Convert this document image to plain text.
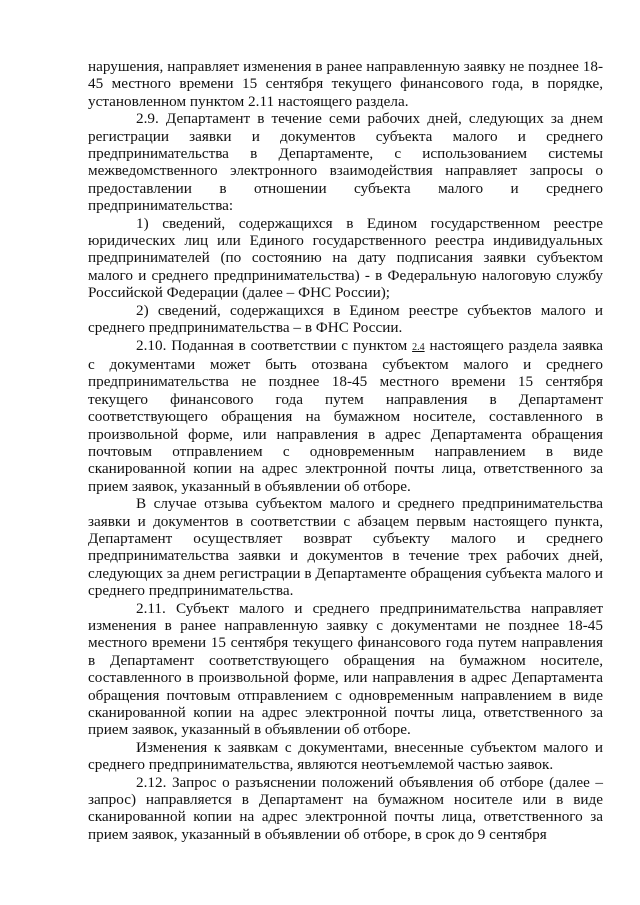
нарушения, направляет изменения в ранее направленную заявку не позднее 18-45 местного времени 15 сентября текущего финансового года, в порядке, установленном пунктом 2.11 настоящего раздела.

2.9. Департамент в течение семи рабочих дней, следующих за днем регистрации заявки и документов субъекта малого и среднего предпринимательства в Департаменте, с использованием системы межведомственного электронного взаимодействия направляет запросы о предоставлении в отношении субъекта малого и среднего предпринимательства:

1) сведений, содержащихся в Едином государственном реестре юридических лиц или Единого государственного реестра индивидуальных предпринимателей (по состоянию на дату подписания заявки субъектом малого и среднего предпринимательства) - в Федеральную налоговую службу Российской Федерации (далее – ФНС России);

2) сведений, содержащихся в Едином реестре субъектов малого и среднего предпринимательства – в ФНС России.

2.10. Поданная в соответствии с пунктом 2.4 настоящего раздела заявка с документами может быть отозвана субъектом малого и среднего предпринимательства не позднее 18-45 местного времени 15 сентября текущего финансового года путем направления в Департамент соответствующего обращения на бумажном носителе, составленного в произвольной форме, или направления в адрес Департамента обращения почтовым отправлением с одновременным направлением в виде сканированной копии на адрес электронной почты лица, ответственного за прием заявок, указанный в объявлении об отборе.

В случае отзыва субъектом малого и среднего предпринимательства заявки и документов в соответствии с абзацем первым настоящего пункта, Департамент осуществляет возврат субъекту малого и среднего предпринимательства заявки и документов в течение трех рабочих дней, следующих за днем регистрации в Департаменте обращения субъекта малого и среднего предпринимательства.

2.11. Субъект малого и среднего предпринимательства направляет изменения в ранее направленную заявку с документами не позднее 18-45 местного времени 15 сентября текущего финансового года путем направления в Департамент соответствующего обращения на бумажном носителе, составленного в произвольной форме, или направления в адрес Департамента обращения почтовым отправлением с одновременным направлением в виде сканированной копии на адрес электронной почты лица, ответственного за прием заявок, указанный в объявлении об отборе.

Изменения к заявкам с документами, внесенные субъектом малого и среднего предпринимательства, являются неотъемлемой частью заявок.

2.12. Запрос о разъяснении положений объявления об отборе (далее – запрос) направляется в Департамент на бумажном носителе или в виде сканированной копии на адрес электронной почты лица, ответственного за прием заявок, указанный в объявлении об отборе, в срок до 9 сентября
